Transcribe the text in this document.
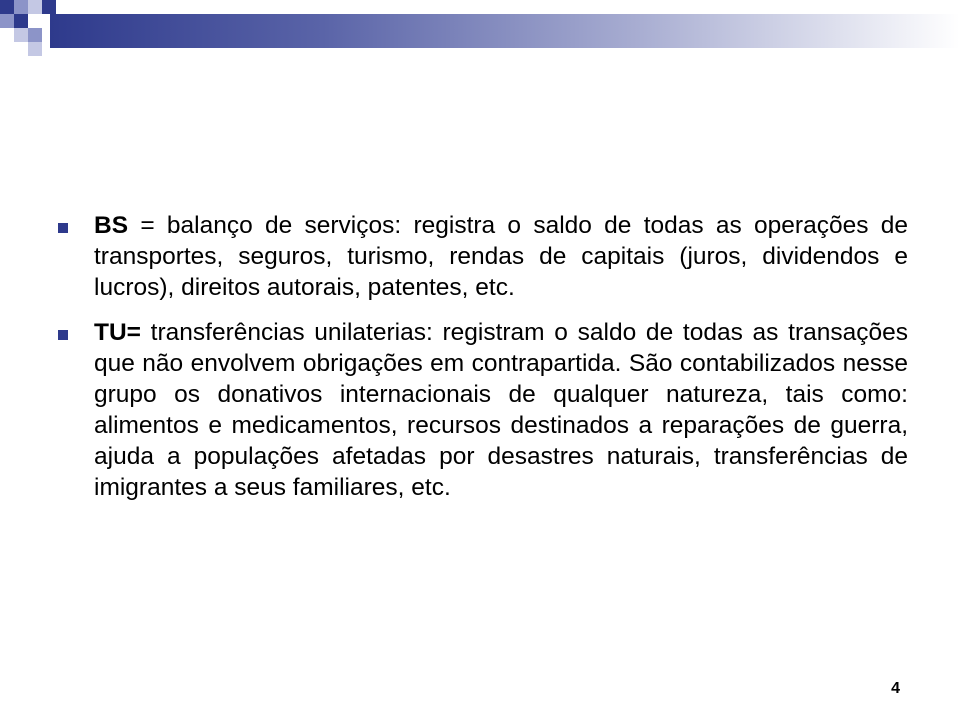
BS = balanço de serviços: registra o saldo de todas as operações de transportes, seguros, turismo, rendas de capitais (juros, dividendos e lucros), direitos autorais, patentes, etc.
TU= transferências unilaterias: registram o saldo de todas as transações que não envolvem obrigações em contrapartida. São contabilizados nesse grupo os donativos internacionais de qualquer natureza, tais como: alimentos e medicamentos, recursos destinados a reparações de guerra, ajuda a populações afetadas por desastres naturais, transferências de imigrantes a seus familiares, etc.
4
